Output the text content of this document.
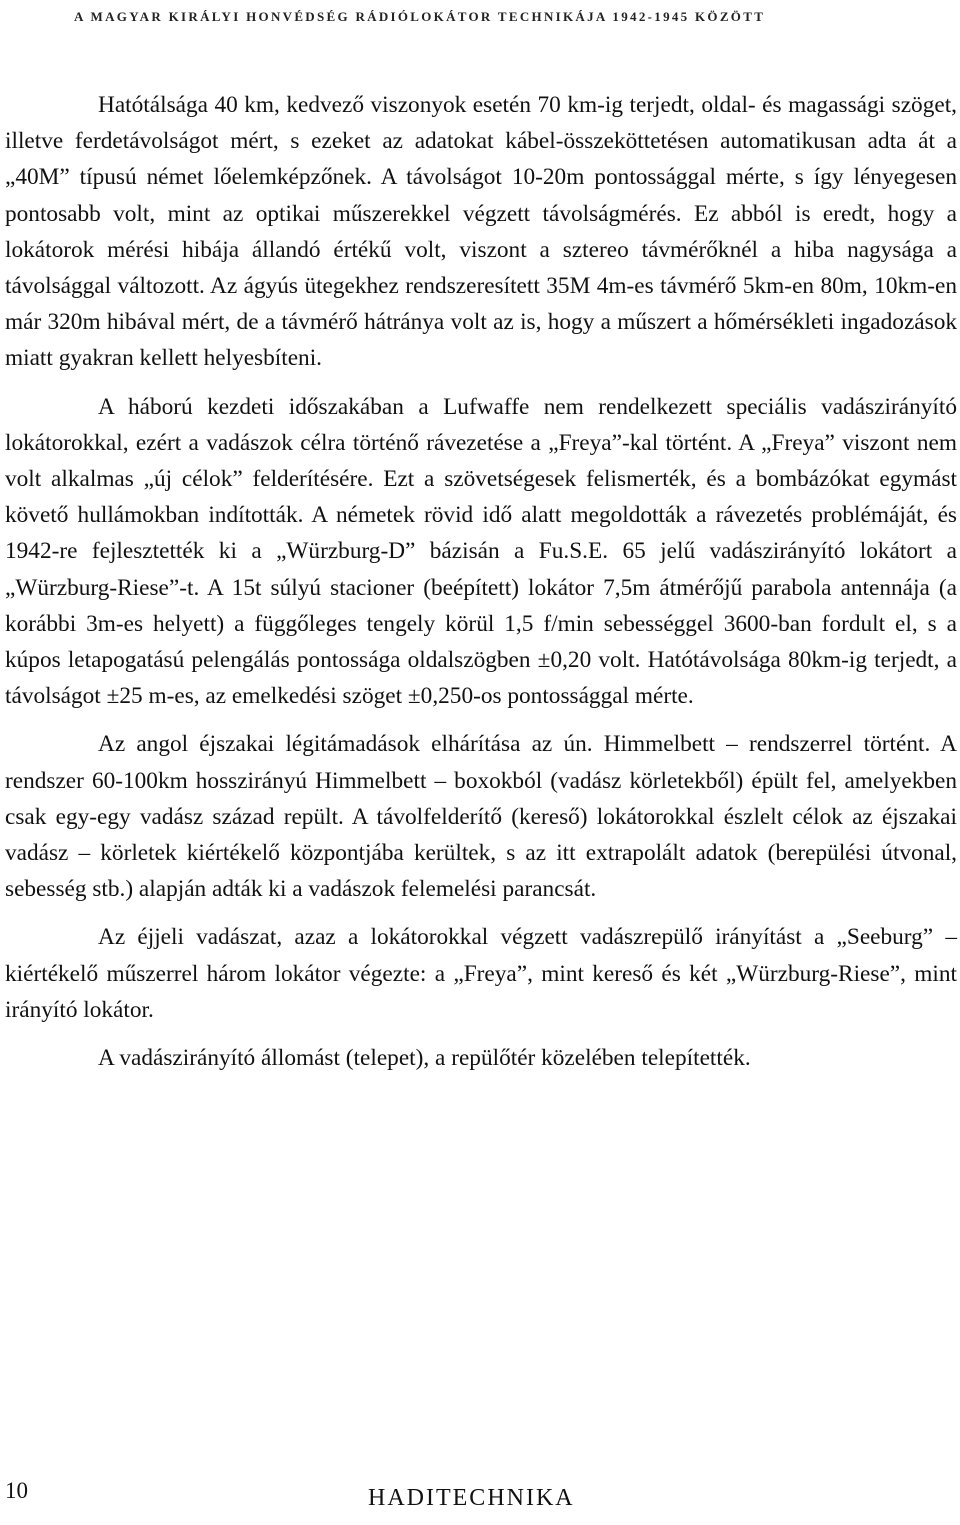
A MAGYAR KIRÁLYI HONVÉDSÉG RÁDIÓLOKÁTOR TECHNIKÁJA 1942-1945 KÖZÖTT

Hatótálsága 40 km, kedvező viszonyok esetén 70 km-ig terjedt, oldal- és magassági szöget, illetve ferdetávolságot mért, s ezeket az adatokat kábel-összeköttetésen automatikusan adta át a „40M” típusú német lőelemképzőnek. A távolságot 10-20m pontossággal mérte, s így lényegesen pontosabb volt, mint az optikai műszerekkel végzett távolságmérés. Ez abból is eredt, hogy a lokátorok mérési hibája állandó értékű volt, viszont a sztereo távmérőknél a hiba nagysága a távolsággal változott. Az ágyús ütegekhez rendszeresített 35M 4m-es távmérő 5km-en 80m, 10km-en már 320m hibával mért, de a távmérő hátránya volt az is, hogy a műszert a hőmérsékleti ingadozások miatt gyakran kellett helyesbíteni.

A háború kezdeti időszakában a Lufwaffe nem rendelkezett speciális vadászirányító lokátorokkal, ezért a vadászok célra történő rávezetése a „Freya”-kal történt. A „Freya” viszont nem volt alkalmas „új célok” felderítésére. Ezt a szövetségesek felismerték, és a bombázókat egymást követő hullámokban indították. A németek rövid idő alatt megoldották a rávezetés problémáját, és 1942-re fejlesztették ki a „Würzburg-D” bázisán a Fu.S.E. 65 jelű vadászirányító lokátort a „Würzburg-Riese”-t. A 15t súlyú stacioner (beépített) lokátor 7,5m átmérőjű parabola antennája (a korábbi 3m-es helyett) a függőleges tengely körül 1,5 f/min sebességgel 3600-ban fordult el, s a kúpos letapogatású pelengálás pontossága oldalszögben ±0,20 volt. Hatótávolsága 80km-ig terjedt, a távolságot ±25 m-es, az emelkedési szöget ±0,250-os pontossággal mérte.

Az angol éjszakai légitámadások elhárítása az ún. Himmelbett – rendszerrel történt. A rendszer 60-100km hosszirányú Himmelbett – boxokból (vadász körletekből) épült fel, amelyekben csak egy-egy vadász század repült. A távolfelderítő (kereső) lokátorokkal észlelt célok az éjszakai vadász – körletek kiértékelő központjába kerültek, s az itt extrapolált adatok (berepülési útvonal, sebesség stb.) alapján adták ki a vadászok felemelési parancsát.

Az éjjeli vadászat, azaz a lokátorokkal végzett vadászrepülő irányítást a „Seeburg” – kiértékelő műszerrel három lokátor végezte: a „Freya”, mint kereső és két „Würzburg-Riese”, mint irányító lokátor.

A vadászirányító állomást (telepet), a repülőtér közelében telepítették.

10	HADITECHNIKA
